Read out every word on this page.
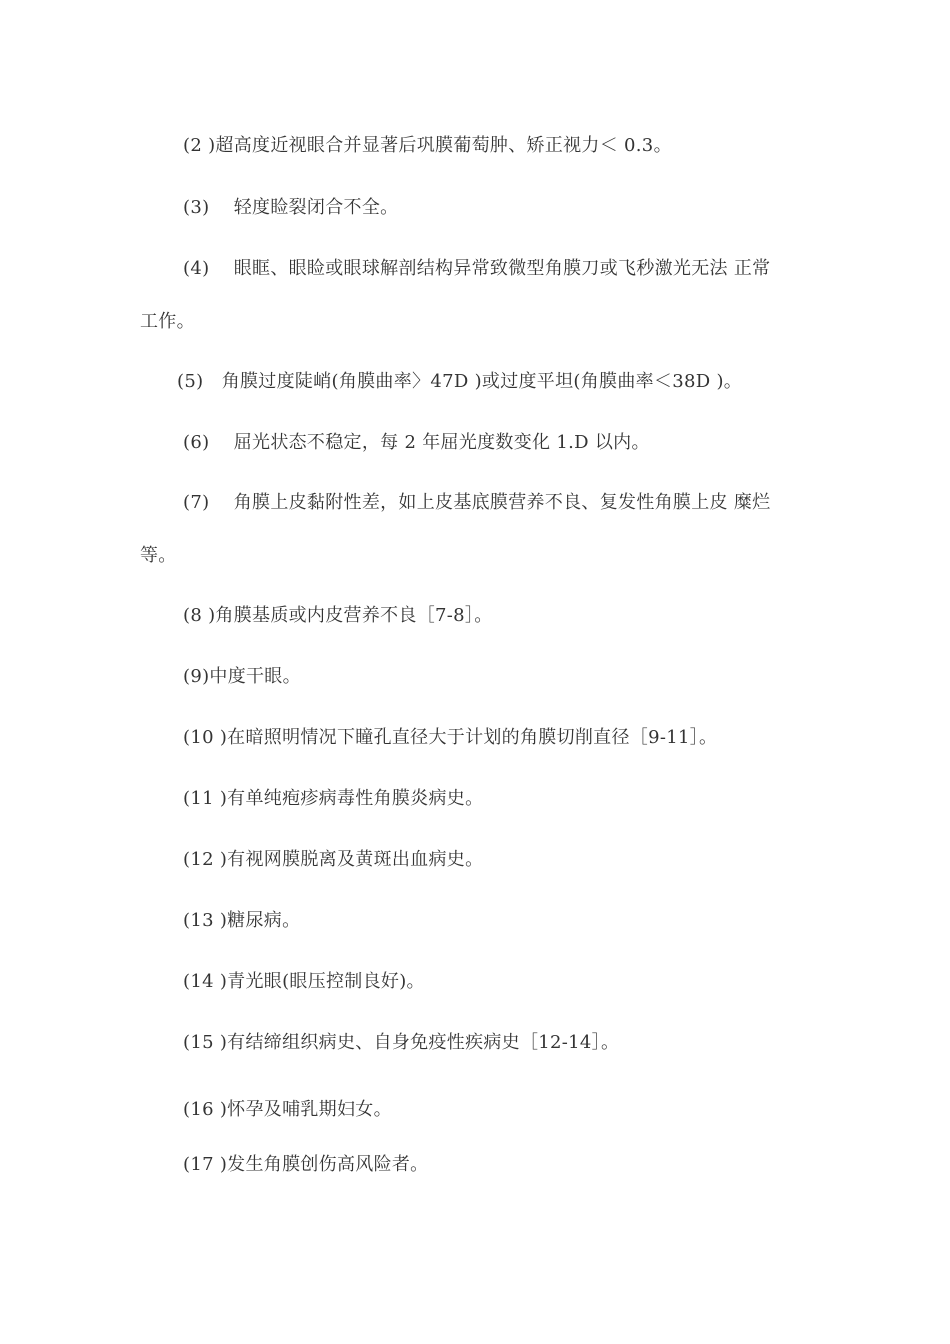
(2 )超高度近视眼合并显著后巩膜葡萄肿、矫正视力＜ 0.3。
(3)　 轻度睑裂闭合不全。
(4)　 眼眶、眼睑或眼球解剖结构异常致微型角膜刀或飞秒激光无法 正常
工作。
(5)　角膜过度陡峭(角膜曲率〉47D )或过度平坦(角膜曲率＜38D )。
(6)　 屈光状态不稳定，每 2 年屈光度数变化 1.D 以内。
(7)　 角膜上皮黏附性差，如上皮基底膜营养不良、复发性角膜上皮 糜烂
等。
(8 )角膜基质或内皮营养不良［7-8］。
(9)中度干眼。
(10 )在暗照明情况下瞳孔直径大于计划的角膜切削直径［9-11］。
(11 )有单纯疱疹病毒性角膜炎病史。
(12 )有视网膜脱离及黄斑出血病史。
(13 )糖尿病。
(14 )青光眼(眼压控制良好)。
(15 )有结缔组织病史、自身免疫性疾病史［12-14］。
(16 )怀孕及哺乳期妇女。
(17 )发生角膜创伤高风险者。
